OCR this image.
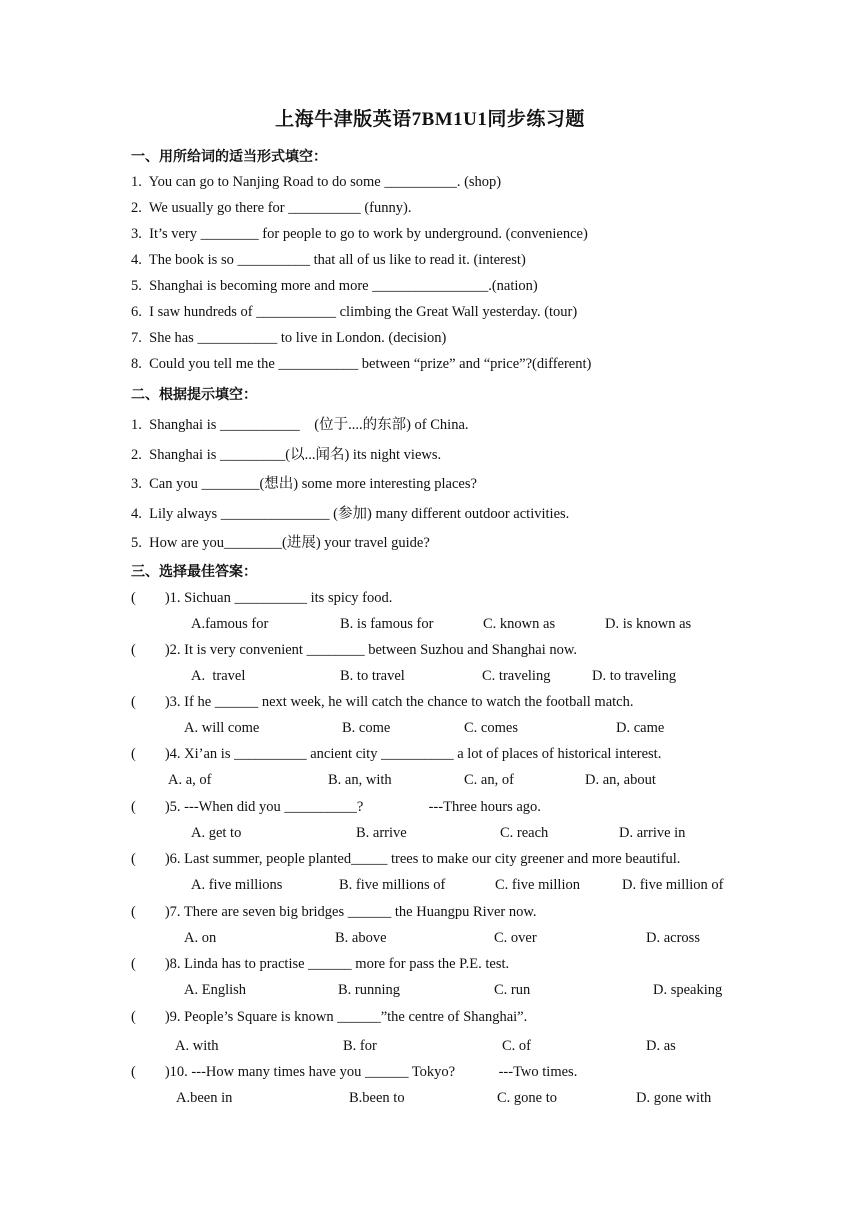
上海牛津版英语7BM1U1同步练习题
一、用所给词的适当形式填空：
1.  You can go to Nanjing Road to do some __________. (shop)
2.  We usually go there for __________ (funny).
3.  It’s very ________ for people to go to work by underground. (convenience)
4.  The book is so __________ that all of us like to read it. (interest)
5.  Shanghai is becoming more and more ________________.(nation)
6.  I saw hundreds of ___________ climbing the Great Wall yesterday. (tour)
7.  She has ___________ to live in London. (decision)
8.  Could you tell me the ___________ between “prize” and “price”?(different)
二、根据提示填空：
1.  Shanghai is ___________    (位于....的东部) of China.
2.  Shanghai is _________(以...闻名) its night views.
3.  Can you ________(想出) some more interesting places?
4.  Lily always _______________ (参加) many different outdoor activities.
5.  How are you________(进展) your travel guide?
三、选择最佳答案：
(        )1. Sichuan __________ its spicy food.
A.famous for	B. is famous for	C. known as	D. is known as
(        )2. It is very convenient ________ between Suzhou and Shanghai now.
A.  travel	B. to travel	C. traveling	D. to traveling
(        )3. If he ______ next week, he will catch the chance to watch the football match.
A. will come	B. come	C. comes	D. came
(        )4. Xi’an is __________ ancient city __________ a lot of places of historical interest.
A. a, of	B. an, with	C. an, of	D. an, about
(        )5. ---When did you __________?                  ---Three hours ago.
A. get to	B. arrive	C. reach	D. arrive in
(        )6. Last summer, people planted_____ trees to make our city greener and more beautiful.
A. five millions	B. five millions of	C. five million	D. five million of
(        )7. There are seven big bridges ______ the Huangpu River now.
A. on	B. above	C. over	D. across
(        )8. Linda has to practise ______ more for pass the P.E. test.
A. English	B. running	C. run	D. speaking
(        )9. People’s Square is known ______”the centre of Shanghai”.
A. with	B. for	C. of	D. as
(        )10. ---How many times have you ______ Tokyo?            ---Two times.
A.been in	B.been to	C. gone to	D. gone with
